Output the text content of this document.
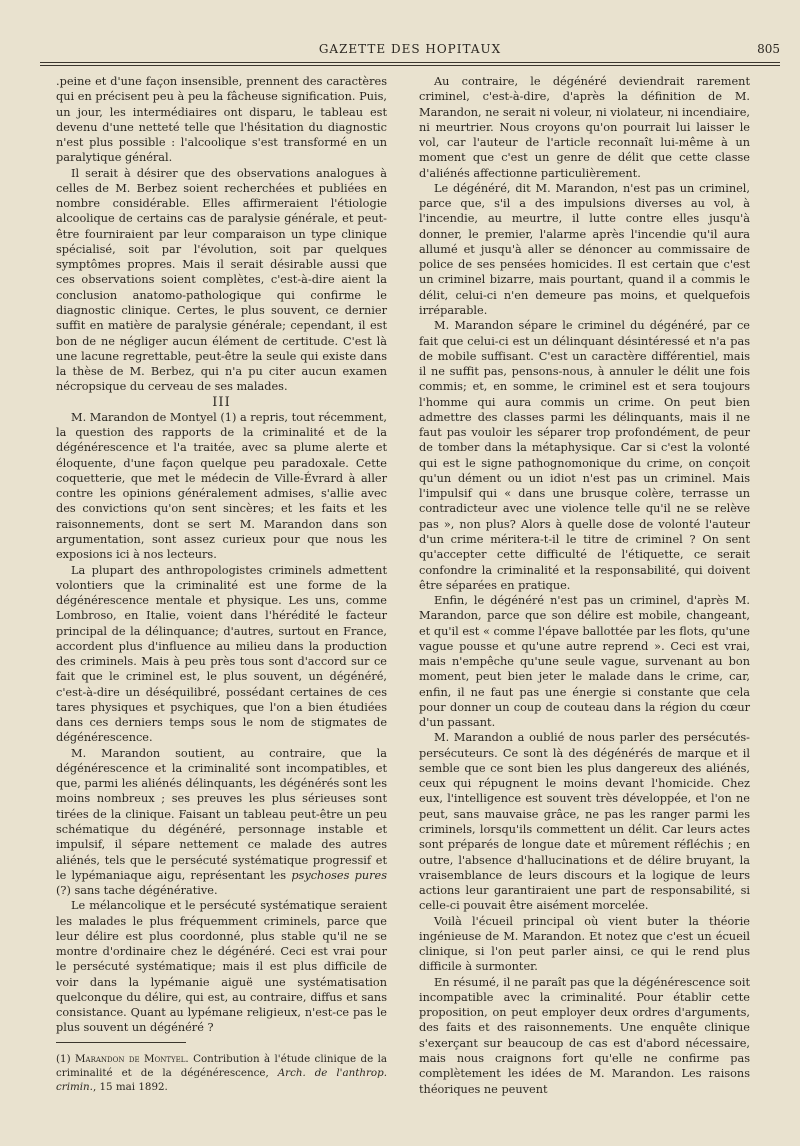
GAZETTE DES HOPITAUX	805

.peine et d'une façon insensible, prennent des caractères qui en précisent peu à peu la fâcheuse signification. Puis, un jour, les intermédiaires ont disparu, le tableau est devenu d'une netteté telle que l'hésitation du diagnostic n'est plus possible : l'alcoolique s'est transformé en un paralytique général.

Il serait à désirer que des observations analogues à celles de M. Berbez soient recherchées et publiées en nombre considérable. Elles affirmeraient l'étiologie alcoolique de certains cas de paralysie générale, et peut-être fourniraient par leur comparaison un type clinique spécialisé, soit par l'évolution, soit par quelques symptômes propres. Mais il serait désirable aussi que ces observations soient complètes, c'est-à-dire aient la conclusion anatomo-pathologique qui confirme le diagnostic clinique. Certes, le plus souvent, ce dernier suffit en matière de paralysie générale; cependant, il est bon de ne négliger aucun élément de certitude. C'est là une lacune regrettable, peut-être la seule qui existe dans la thèse de M. Berbez, qui n'a pu citer aucun examen nécropsique du cerveau de ses malades.

III

M. Marandon de Montyel (1) a repris, tout récemment, la question des rapports de la criminalité et de la dégénérescence et l'a traitée, avec sa plume alerte et éloquente, d'une façon quelque peu paradoxale. Cette coquetterie, que met le médecin de Ville-Évrard à aller contre les opinions généralement admises, s'allie avec des convictions qu'on sent sincères; et les faits et les raisonnements, dont se sert M. Marandon dans son argumentation, sont assez curieux pour que nous les exposions ici à nos lecteurs.

La plupart des anthropologistes criminels admettent volontiers que la criminalité est une forme de la dégénérescence mentale et physique. Les uns, comme Lombroso, en Italie, voient dans l'hérédité le facteur principal de la délinquance; d'autres, surtout en France, accordent plus d'influence au milieu dans la production des criminels. Mais à peu près tous sont d'accord sur ce fait que le criminel est, le plus souvent, un dégénéré, c'est-à-dire un déséquilibré, possédant certaines de ces tares physiques et psychiques, que l'on a bien étudiées dans ces derniers temps sous le nom de stigmates de dégénérescence.

M. Marandon soutient, au contraire, que la dégénérescence et la criminalité sont incompatibles, et que, parmi les aliénés délinquants, les dégénérés sont les moins nombreux ; ses preuves les plus sérieuses sont tirées de la clinique. Faisant un tableau peut-être un peu schématique du dégénéré, personnage instable et impulsif, il sépare nettement ce malade des autres aliénés, tels que le persécuté systématique progressif et le lypémaniaque aigu, représentant les psychoses pures (?) sans tache dégénérative.

Le mélancolique et le persécuté systématique seraient les malades le plus fréquemment criminels, parce que leur délire est plus coordonné, plus stable qu'il ne se montre d'ordinaire chez le dégénéré. Ceci est vrai pour le persécuté systématique; mais il est plus difficile de voir dans la lypémanie aiguë une systématisation quelconque du délire, qui est, au contraire, diffus et sans consistance. Quant au lypémane religieux, n'est-ce pas le plus souvent un dégénéré ?

(1) Marandon de Montyel. Contribution à l'étude clinique de la criminalité et de la dégénérescence, Arch. de l'anthrop. crimin., 15 mai 1892.

Au contraire, le dégénéré deviendrait rarement criminel, c'est-à-dire, d'après la définition de M. Marandon, ne serait ni voleur, ni violateur, ni incendiaire, ni meurtrier. Nous croyons qu'on pourrait lui laisser le vol, car l'auteur de l'article reconnaît lui-même à un moment que c'est un genre de délit que cette classe d'aliénés affectionne particulièrement.

Le dégénéré, dit M. Marandon, n'est pas un criminel, parce que, s'il a des impulsions diverses au vol, à l'incendie, au meurtre, il lutte contre elles jusqu'à donner, le premier, l'alarme après l'incendie qu'il aura allumé et jusqu'à aller se dénoncer au commissaire de police de ses pensées homicides. Il est certain que c'est un criminel bizarre, mais pourtant, quand il a commis le délit, celui-ci n'en demeure pas moins, et quelquefois irréparable.

M. Marandon sépare le criminel du dégénéré, par ce fait que celui-ci est un délinquant désintéressé et n'a pas de mobile suffisant. C'est un caractère différentiel, mais il ne suffit pas, pensons-nous, à annuler le délit une fois commis; et, en somme, le criminel est et sera toujours l'homme qui aura commis un crime. On peut bien admettre des classes parmi les délinquants, mais il ne faut pas vouloir les séparer trop profondément, de peur de tomber dans la métaphysique. Car si c'est la volonté qui est le signe pathognomonique du crime, on conçoit qu'un dément ou un idiot n'est pas un criminel. Mais l'impulsif qui « dans une brusque colère, terrasse un contradicteur avec une violence telle qu'il ne se relève pas », non plus? Alors à quelle dose de volonté l'auteur d'un crime méritera-t-il le titre de criminel ? On sent qu'accepter cette difficulté de l'étiquette, ce serait confondre la criminalité et la responsabilité, qui doivent être séparées en pratique.

Enfin, le dégénéré n'est pas un criminel, d'après M. Marandon, parce que son délire est mobile, changeant, et qu'il est « comme l'épave ballottée par les flots, qu'une vague pousse et qu'une autre reprend ». Ceci est vrai, mais n'empêche qu'une seule vague, survenant au bon moment, peut bien jeter le malade dans le crime, car, enfin, il ne faut pas une énergie si constante que cela pour donner un coup de couteau dans la région du cœur d'un passant.

M. Marandon a oublié de nous parler des persécutés-persécuteurs. Ce sont là des dégénérés de marque et il semble que ce sont bien les plus dangereux des aliénés, ceux qui répugnent le moins devant l'homicide. Chez eux, l'intelligence est souvent très développée, et l'on ne peut, sans mauvaise grâce, ne pas les ranger parmi les criminels, lorsqu'ils commettent un délit. Car leurs actes sont préparés de longue date et mûrement réfléchis ; en outre, l'absence d'hallucinations et de délire bruyant, la vraisemblance de leurs discours et la logique de leurs actions leur garantiraient une part de responsabilité, si celle-ci pouvait être aisément morcelée.

Voilà l'écueil principal où vient buter la théorie ingénieuse de M. Marandon. Et notez que c'est un écueil clinique, si l'on peut parler ainsi, ce qui le rend plus difficile à surmonter.

En résumé, il ne paraît pas que la dégénérescence soit incompatible avec la criminalité. Pour établir cette proposition, on peut employer deux ordres d'arguments, des faits et des raisonnements. Une enquête clinique s'exerçant sur beaucoup de cas est d'abord nécessaire, mais nous craignons fort qu'elle ne confirme pas complètement les idées de M. Marandon. Les raisons théoriques ne peuvent
